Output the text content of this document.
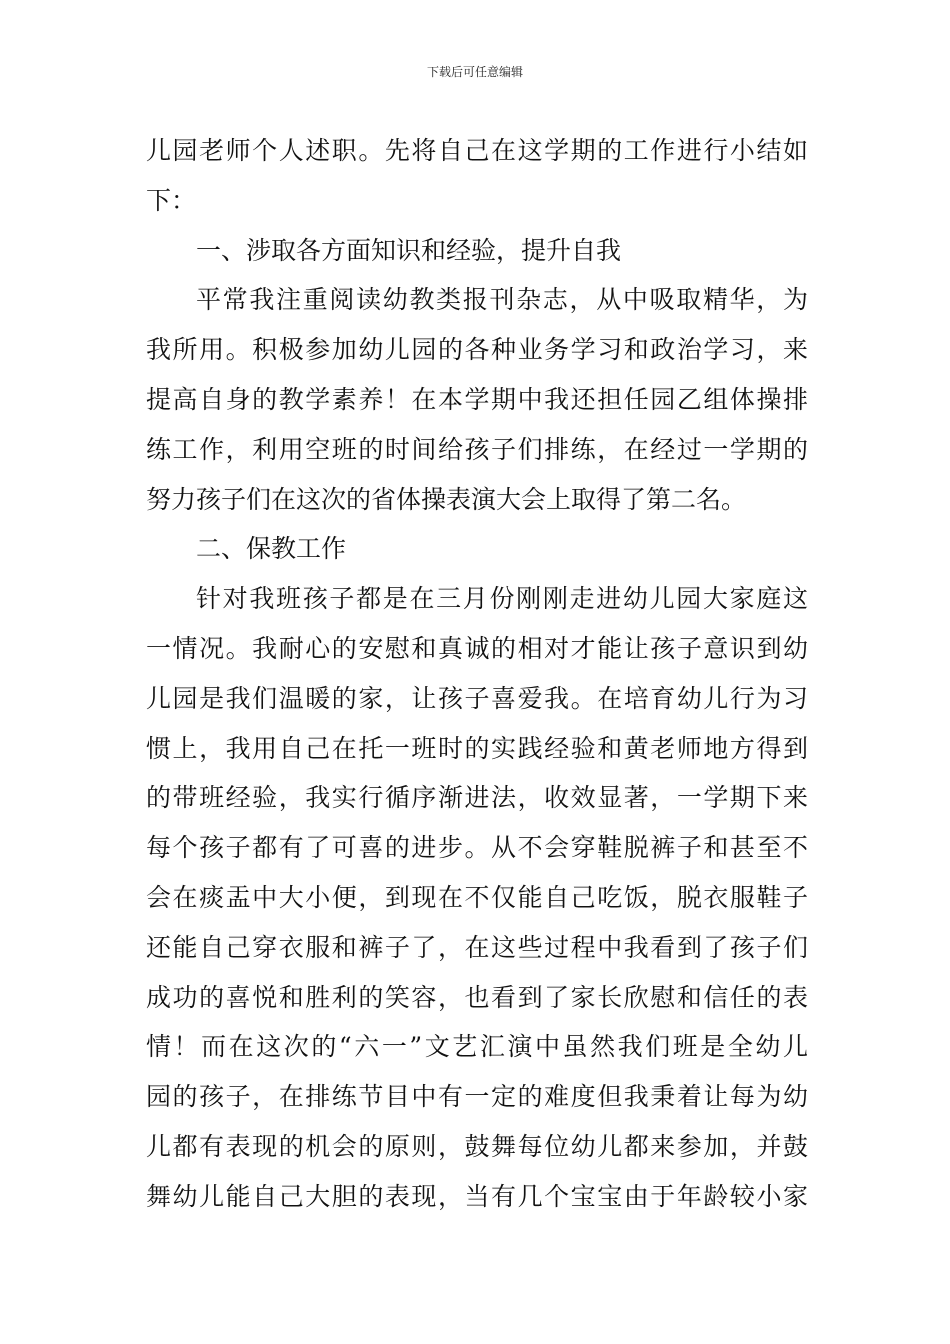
下载后可任意编辑
儿园老师个人述职。先将自己在这学期的工作进行小结如
下：
一、涉取各方面知识和经验，提升自我
平常我注重阅读幼教类报刊杂志，从中吸取精华，为
我所用。积极参加幼儿园的各种业务学习和政治学习，来
提高自身的教学素养！在本学期中我还担任园乙组体操排
练工作，利用空班的时间给孩子们排练，在经过一学期的
努力孩子们在这次的省体操表演大会上取得了第二名。
二、保教工作
针对我班孩子都是在三月份刚刚走进幼儿园大家庭这
一情况。我耐心的安慰和真诚的相对才能让孩子意识到幼
儿园是我们温暖的家，让孩子喜爱我。在培育幼儿行为习
惯上，我用自己在托一班时的实践经验和黄老师地方得到
的带班经验，我实行循序渐进法，收效显著，一学期下来
每个孩子都有了可喜的进步。从不会穿鞋脱裤子和甚至不
会在痰盂中大小便，到现在不仅能自己吃饭，脱衣服鞋子
还能自己穿衣服和裤子了，在这些过程中我看到了孩子们
成功的喜悦和胜利的笑容，也看到了家长欣慰和信任的表
情！而在这次的“六一”文艺汇演中虽然我们班是全幼儿
园的孩子，在排练节目中有一定的难度但我秉着让每为幼
儿都有表现的机会的原则，鼓舞每位幼儿都来参加，并鼓
舞幼儿能自己大胆的表现，当有几个宝宝由于年龄较小家
